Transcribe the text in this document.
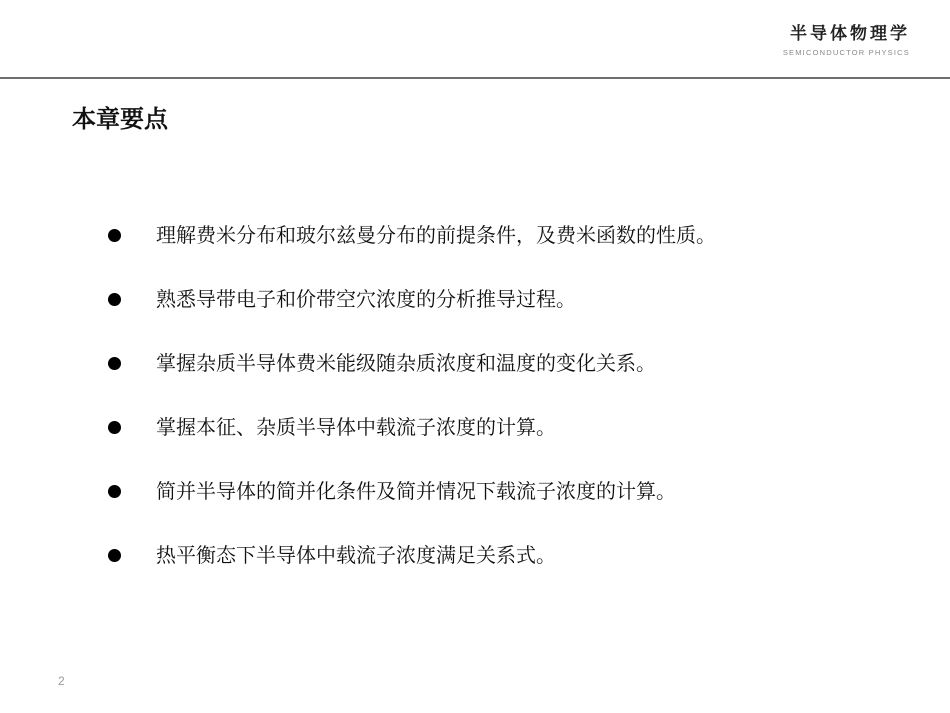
半导体物理学
SEMICONDUCTOR PHYSICS
本章要点
理解费米分布和玻尔兹曼分布的前提条件，及费米函数的性质。
熟悉导带电子和价带空穴浓度的分析推导过程。
掌握杂质半导体费米能级随杂质浓度和温度的变化关系。
掌握本征、杂质半导体中载流子浓度的计算。
简并半导体的简并化条件及简并情况下载流子浓度的计算。
热平衡态下半导体中载流子浓度满足关系式。
2
